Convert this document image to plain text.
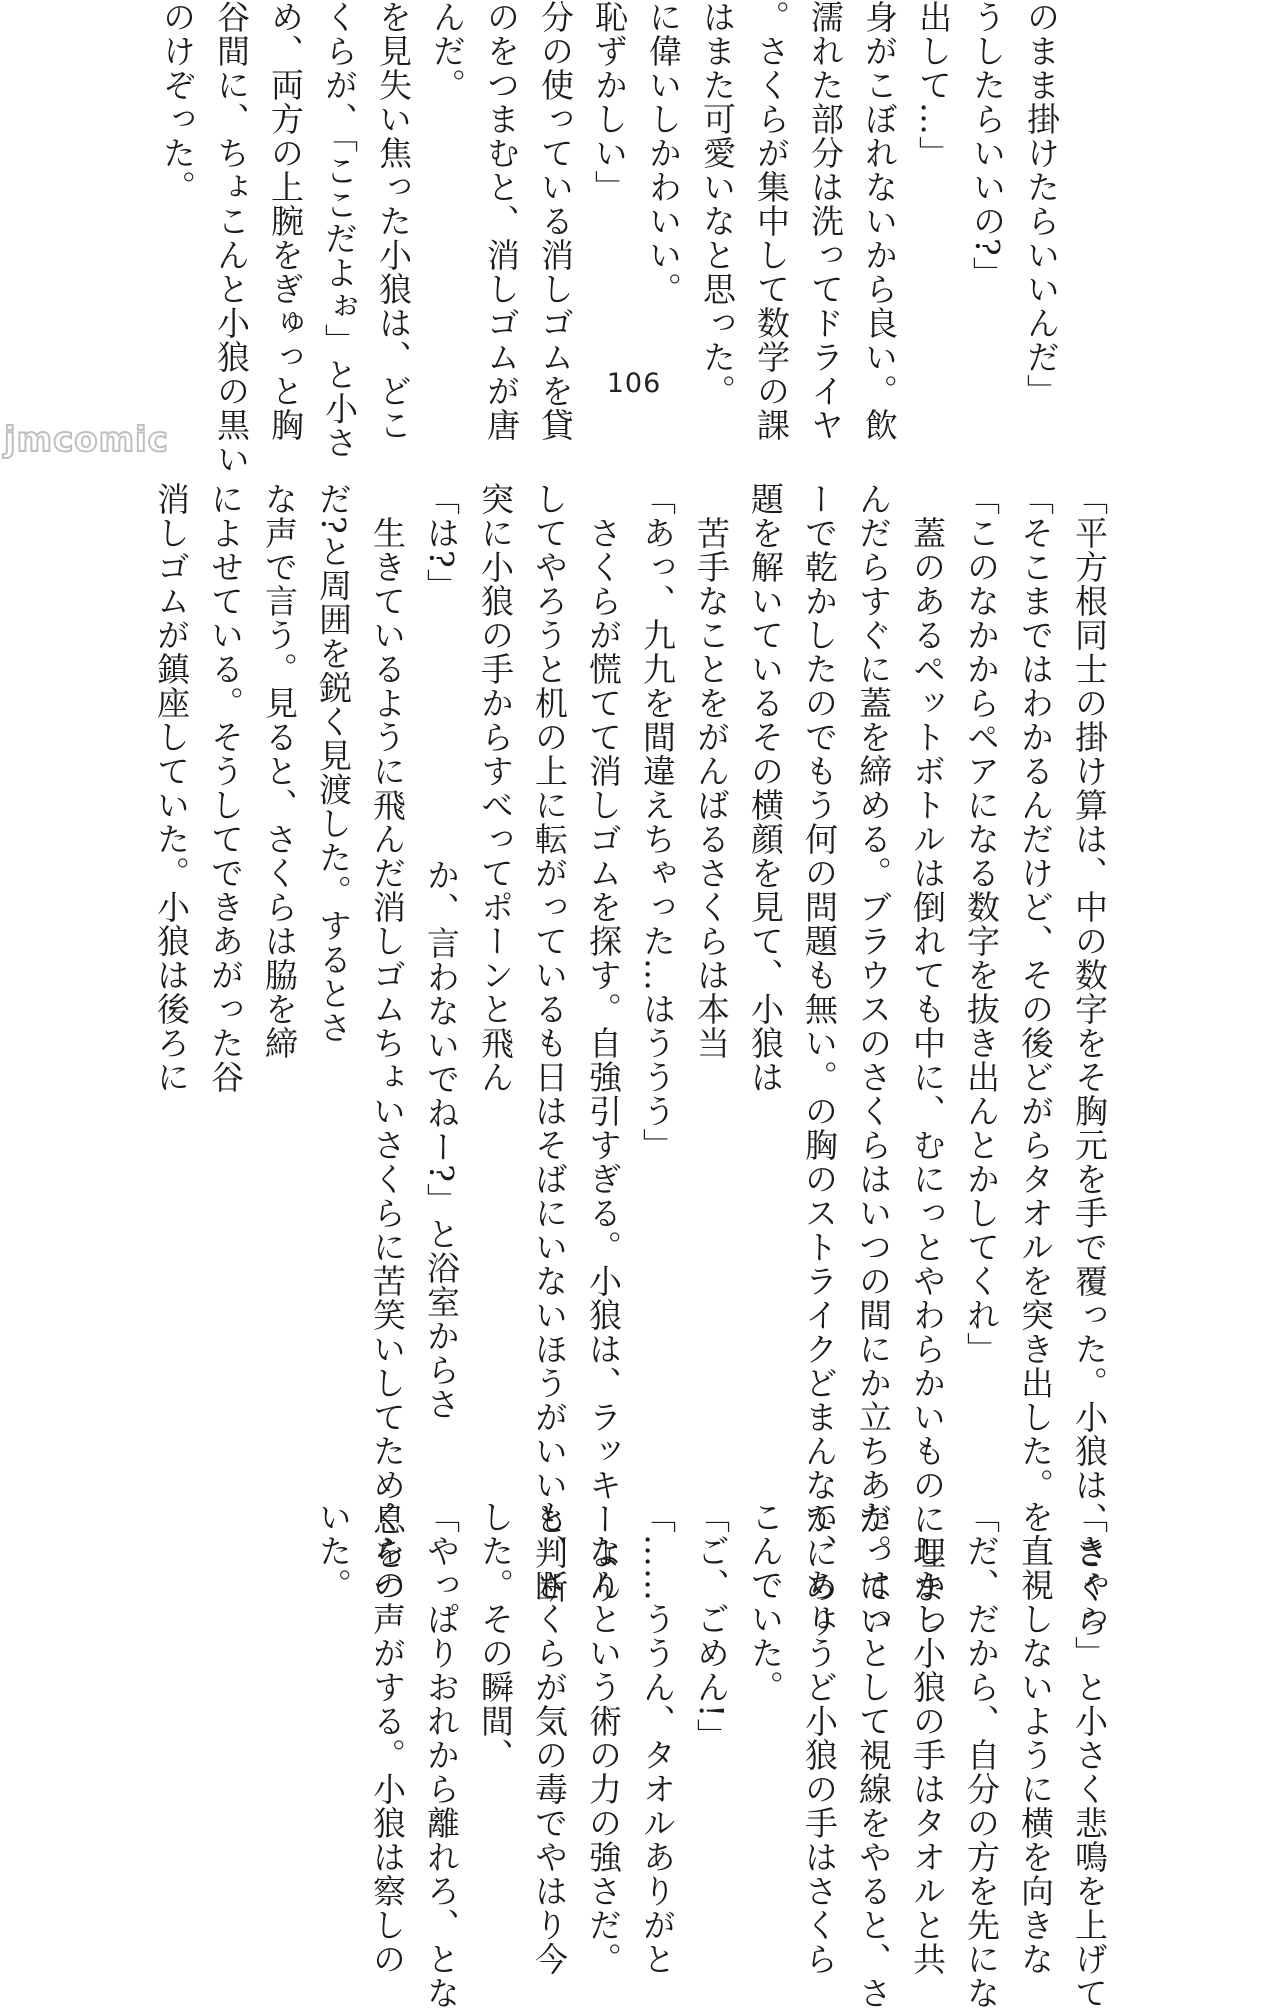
jmcomic

のまま掛けたらいいんだ」

うしたらいいの?」

出して…」

身がこぼれないから良い。飲

濡れた部分は洗ってドライヤ

。さくらが集中して数学の課

はまた可愛いなと思った。

に偉いしかわいい。

恥ずかしい」

分の使っている消しゴムを貸

のをつまむと、消しゴムが唐

んだ。

を見失い焦った小狼は、どこ

くらが、「ここだよぉ」と小さ

め、両方の上腕をぎゅっと胸

谷間に、ちょこんと小狼の黒い

のけぞった。

106

「平方根同士の掛け算は、中の数字をそ胸元を手で覆った。小狼は、さくら

「そこまではわかるんだけど、その後どがらタオルを突き出した。

「このなかからペアになる数字を抜き出んとかしてくれ」

　蓋のあるペットボトルは倒れても中に、むにっとやわらかいものに埋まっ

んだらすぐに蓋を締める。ブラウスのさくらはいつの間にか立ちあがってい

ーで乾かしたのでもう何の問題も無い。の胸のストライクどまんなかにめり

題を解いているその横顔を見て、小狼は

　苦手なことをがんばるさくらは本当

「あっ、九九を間違えちゃった…はううう」

　さくらが慌てて消しゴムを探す。自強引すぎる。小狼は、ラッキーより

してやろうと机の上に転がっているも日はそばにいないほうがいいと判断

突に小狼の手からすべってポーンと飛ん

「は?」　　　　　　　　か、言わないでねー?」と浴室からさ

　生きているように飛んだ消しゴムちょいさくらに苦笑いしてため息をつ

だ?と周囲を鋭く見渡した。するとさ

な声で言う。見ると、さくらは脇を締

によせている。そうしてできあがった谷

消しゴムが鎮座していた。小狼は後ろに

「きゃっ」と小さく悲鳴を上げて

を直視しないように横を向きな

「だ、だから、自分の方を先にな

　しかし小狼の手はタオルと共

た。はっとして視線をやると、さ

て、ちょうど小狼の手はさくら

こんでいた。

「ご、ごめん!」

「……ううん、タオルありがと

　なんという術の力の強さだ。

も、さくらが気の毒でやはり今

した。その瞬間、

「やっぱりおれから離れろ、とな

くらの声がする。小狼は察しの

いた。
